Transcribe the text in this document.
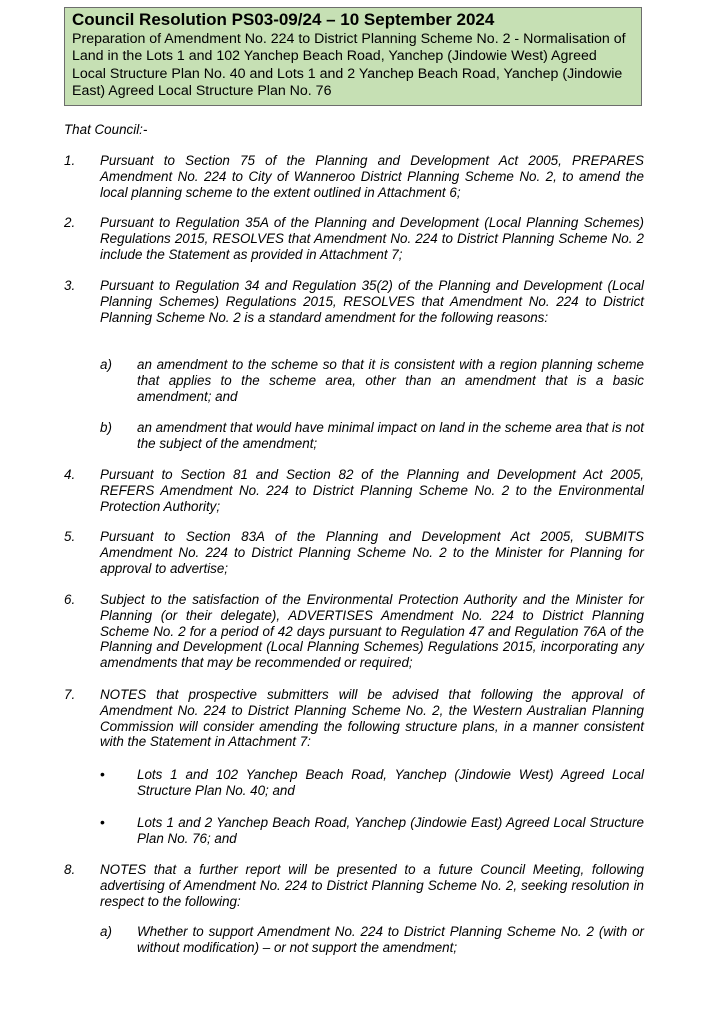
Council Resolution PS03-09/24 – 10 September 2024

Preparation of Amendment No. 224 to District Planning Scheme No. 2 - Normalisation of Land in the Lots 1 and 102 Yanchep Beach Road, Yanchep (Jindowie West) Agreed Local Structure Plan No. 40 and Lots 1 and 2 Yanchep Beach Road, Yanchep (Jindowie East) Agreed Local Structure Plan No. 76

That Council:-
1. Pursuant to Section 75 of the Planning and Development Act 2005, PREPARES Amendment No. 224 to City of Wanneroo District Planning Scheme No. 2, to amend the local planning scheme to the extent outlined in Attachment 6;
2. Pursuant to Regulation 35A of the Planning and Development (Local Planning Schemes) Regulations 2015, RESOLVES that Amendment No. 224 to District Planning Scheme No. 2 include the Statement as provided in Attachment 7;
3. Pursuant to Regulation 34 and Regulation 35(2) of the Planning and Development (Local Planning Schemes) Regulations 2015, RESOLVES that Amendment No. 224 to District Planning Scheme No. 2 is a standard amendment for the following reasons:
a) an amendment to the scheme so that it is consistent with a region planning scheme that applies to the scheme area, other than an amendment that is a basic amendment; and
b) an amendment that would have minimal impact on land in the scheme area that is not the subject of the amendment;
4. Pursuant to Section 81 and Section 82 of the Planning and Development Act 2005, REFERS Amendment No. 224 to District Planning Scheme No. 2 to the Environmental Protection Authority;
5. Pursuant to Section 83A of the Planning and Development Act 2005, SUBMITS Amendment No. 224 to District Planning Scheme No. 2 to the Minister for Planning for approval to advertise;
6. Subject to the satisfaction of the Environmental Protection Authority and the Minister for Planning (or their delegate), ADVERTISES Amendment No. 224 to District Planning Scheme No. 2 for a period of 42 days pursuant to Regulation 47 and Regulation 76A of the Planning and Development (Local Planning Schemes) Regulations 2015, incorporating any amendments that may be recommended or required;
7. NOTES that prospective submitters will be advised that following the approval of Amendment No. 224 to District Planning Scheme No. 2, the Western Australian Planning Commission will consider amending the following structure plans, in a manner consistent with the Statement in Attachment 7:
• Lots 1 and 102 Yanchep Beach Road, Yanchep (Jindowie West) Agreed Local Structure Plan No. 40; and
• Lots 1 and 2 Yanchep Beach Road, Yanchep (Jindowie East) Agreed Local Structure Plan No. 76; and
8. NOTES that a further report will be presented to a future Council Meeting, following advertising of Amendment No. 224 to District Planning Scheme No. 2, seeking resolution in respect to the following:
a) Whether to support Amendment No. 224 to District Planning Scheme No. 2 (with or without modification) – or not support the amendment;
